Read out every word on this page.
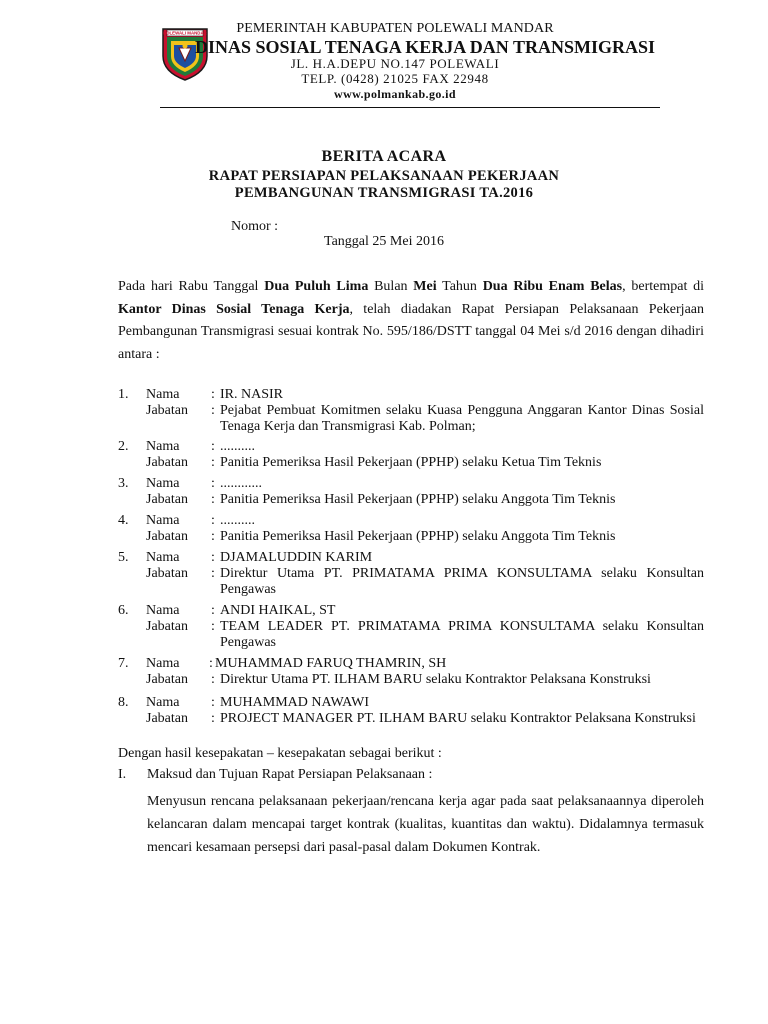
POLEWALI MANDAR	PEMERINTAH KABUPATEN POLEWALI MANDAR
DINAS SOSIAL TENAGA KERJA DAN TRANSMIGRASI
JL. H.A.DEPU NO.147 POLEWALI
TELP. (0428) 21025 FAX 22948
www.polmankab.go.id
BERITA ACARA
RAPAT PERSIAPAN PELAKSANAAN PEKERJAAN
PEMBANGUNAN TRANSMIGRASI TA.2016
Nomor :
Tanggal 25 Mei 2016
Pada hari Rabu Tanggal Dua Puluh Lima Bulan Mei Tahun Dua Ribu Enam Belas, bertempat di Kantor Dinas Sosial Tenaga Kerja, telah diadakan Rapat Persiapan Pelaksanaan Pekerjaan Pembangunan Transmigrasi sesuai kontrak No. 595/186/DSTT tanggal 04 Mei s/d 2016 dengan dihadiri antara :
1. Nama : IR. NASIR
Jabatan : Pejabat Pembuat Komitmen selaku Kuasa Pengguna Anggaran Kantor Dinas Sosial Tenaga Kerja dan Transmigrasi Kab. Polman;
2. Nama : ..........
Jabatan : Panitia Pemeriksa Hasil Pekerjaan (PPHP) selaku Ketua Tim Teknis
3. Nama : ............
Jabatan : Panitia Pemeriksa Hasil Pekerjaan (PPHP) selaku Anggota Tim Teknis
4. Nama : ..........
Jabatan : Panitia Pemeriksa Hasil Pekerjaan (PPHP) selaku Anggota Tim Teknis
5. Nama : DJAMALUDDIN KARIM
Jabatan : Direktur Utama PT. PRIMATAMA PRIMA KONSULTAMA selaku Konsultan Pengawas
6. Nama : ANDI HAIKAL, ST
Jabatan : TEAM LEADER PT. PRIMATAMA PRIMA KONSULTAMA selaku Konsultan Pengawas
7. Nama : MUHAMMAD FARUQ THAMRIN, SH
Jabatan : Direktur Utama PT. ILHAM BARU selaku Kontraktor Pelaksana Konstruksi
8. Nama : MUHAMMAD NAWAWI
Jabatan : PROJECT MANAGER PT. ILHAM BARU selaku Kontraktor Pelaksana Konstruksi
Dengan hasil kesepakatan – kesepakatan sebagai berikut :
I. Maksud dan Tujuan Rapat Persiapan Pelaksanaan :
Menyusun rencana pelaksanaan pekerjaan/rencana kerja agar pada saat pelaksanaannya diperoleh kelancaran dalam mencapai target kontrak (kualitas, kuantitas dan waktu). Didalamnya termasuk mencari kesamaan persepsi dari pasal-pasal dalam Dokumen Kontrak.
